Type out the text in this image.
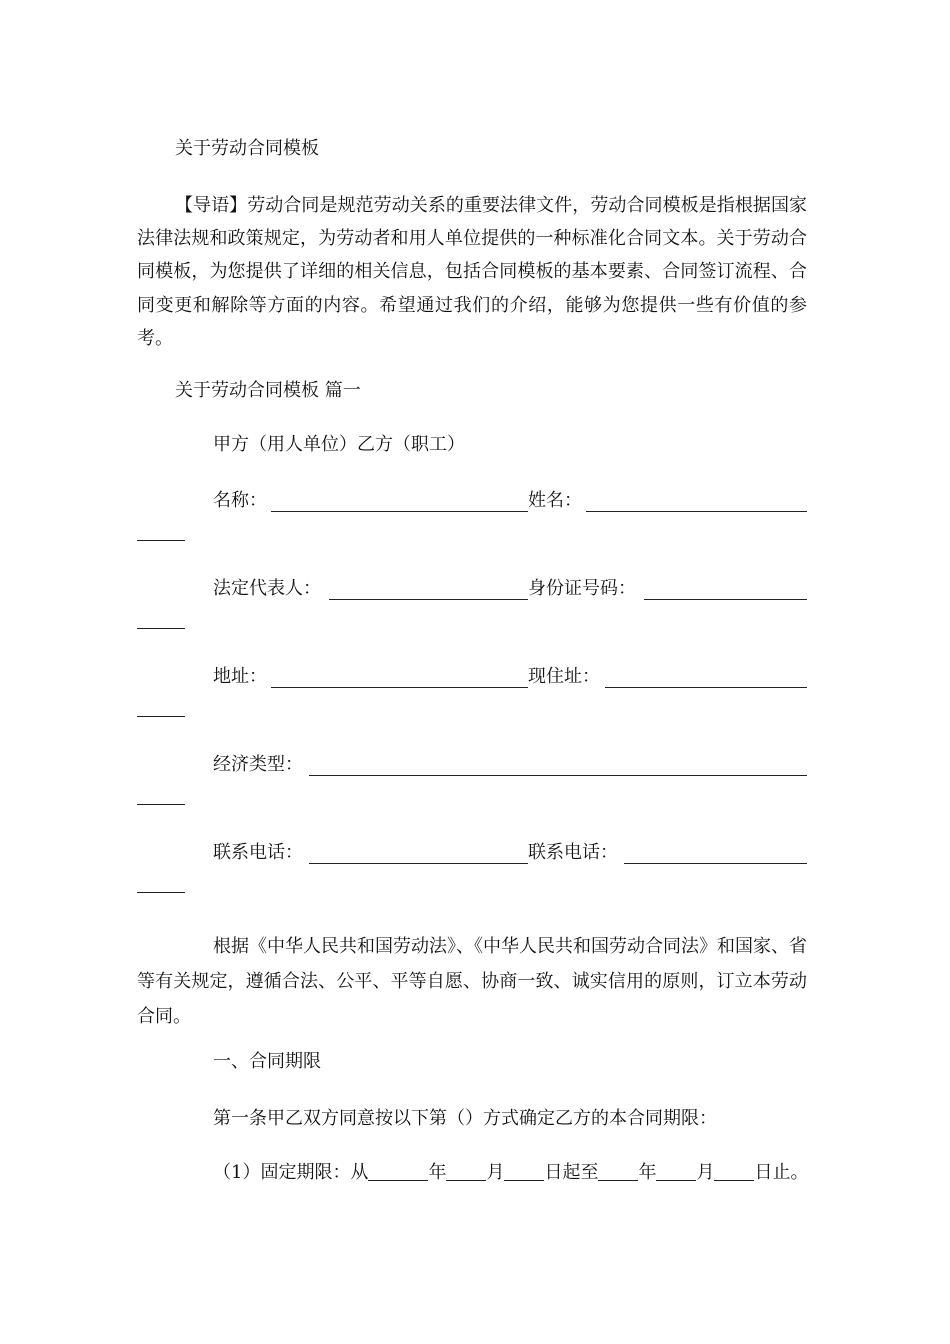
关于劳动合同模板

【导语】劳动合同是规范劳动关系的重要法律文件，劳动合同模板是指根据国家法律法规和政策规定，为劳动者和用人单位提供的一种标准化合同文本。关于劳动合同模板，为您提供了详细的相关信息，包括合同模板的基本要素、合同签订流程、合同变更和解除等方面的内容。希望通过我们的介绍，能够为您提供一些有价值的参考。

关于劳动合同模板 篇一
甲方（用人单位）乙方（职工）
名称：	姓名：
法定代表人：	身份证号码：
地址：	现住址：
经济类型：
联系电话：	联系电话：

根据《中华人民共和国劳动法》、《中华人民共和国劳动合同法》和国家、省等有关规定，遵循合法、公平、平等自愿、协商一致、诚实信用的原则，订立本劳动合同。

一、合同期限
第一条甲乙双方同意按以下第（）方式确定乙方的本合同期限：
（1）固定期限：从	年 月 日起至 年 月 日止。
